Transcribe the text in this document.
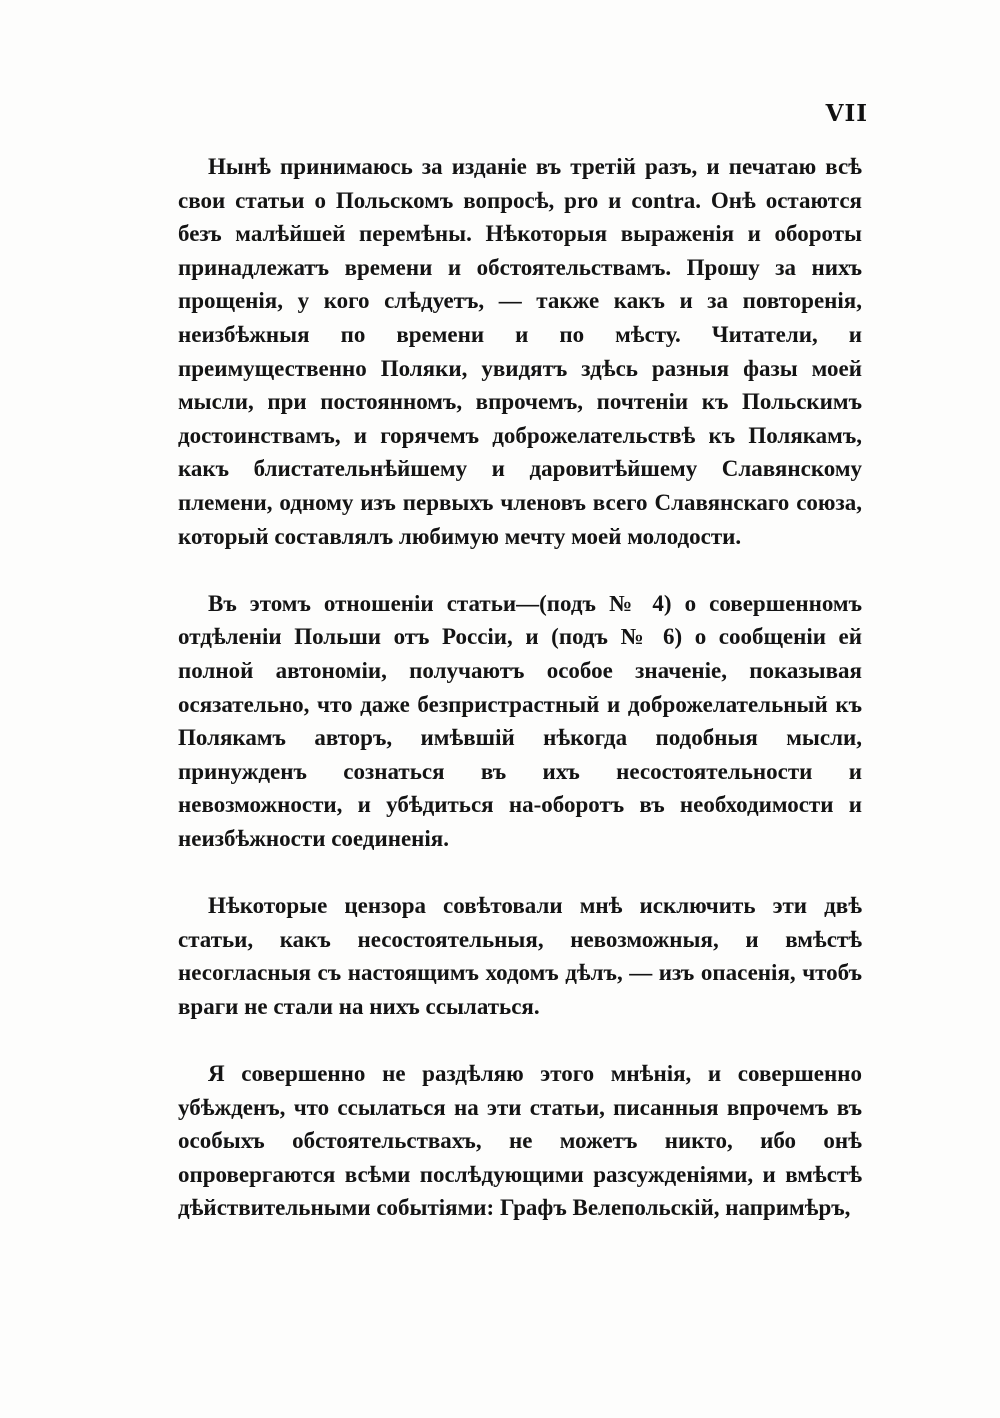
VII

Нынѣ принимаюсь за изданіе въ третій разъ, и печатаю всѣ свои статьи о Польскомъ вопросѣ, pro и contra. Онѣ остаются безъ малѣйшей перемѣны. Нѣкоторыя выраженія и обороты принадлежатъ времени и обстоятельствамъ. Прошу за нихъ прощенія, у кого слѣдуетъ, — также какъ и за повторенія, неизбѣжныя по времени и по мѣсту. Читатели, и преимущественно Поляки, увидятъ здѣсь разныя фазы моей мысли, при постоянномъ, впрочемъ, почтеніи къ Польскимъ достоинствамъ, и горячемъ доброжелательствѣ къ Полякамъ, какъ блистательнѣйшему и даровитѣйшему Славянскому племени, одному изъ первыхъ членовъ всего Славянскаго союза, который составлялъ любимую мечту моей молодости.

Въ этомъ отношеніи статьи—(подъ № 4) о совершенномъ отдѣленіи Польши отъ Россіи, и (подъ № 6) о сообщеніи ей полной автономіи, получаютъ особое значеніе, показывая осязательно, что даже безпристрастный и доброжелательный къ Полякамъ авторъ, имѣвшій нѣкогда подобныя мысли, принужденъ сознаться въ ихъ несостоятельности и невозможности, и убѣдиться на-оборотъ въ необходимости и неизбѣжности соединенія.

Нѣкоторые цензора совѣтовали мнѣ исключить эти двѣ статьи, какъ несостоятельныя, невозможныя, и вмѣстѣ несогласныя съ настоящимъ ходомъ дѣлъ, — изъ опасенія, чтобъ враги не стали на нихъ ссылаться.

Я совершенно не раздѣляю этого мнѣнія, и совершенно убѣжденъ, что ссылаться на эти статьи, писанныя впрочемъ въ особыхъ обстоятельствахъ, не можетъ никто, ибо онѣ опровергаются всѣми послѣдующими разсужденіями, и вмѣстѣ дѣйствительными событіями: Графъ Велепольскій, напримѣръ,
